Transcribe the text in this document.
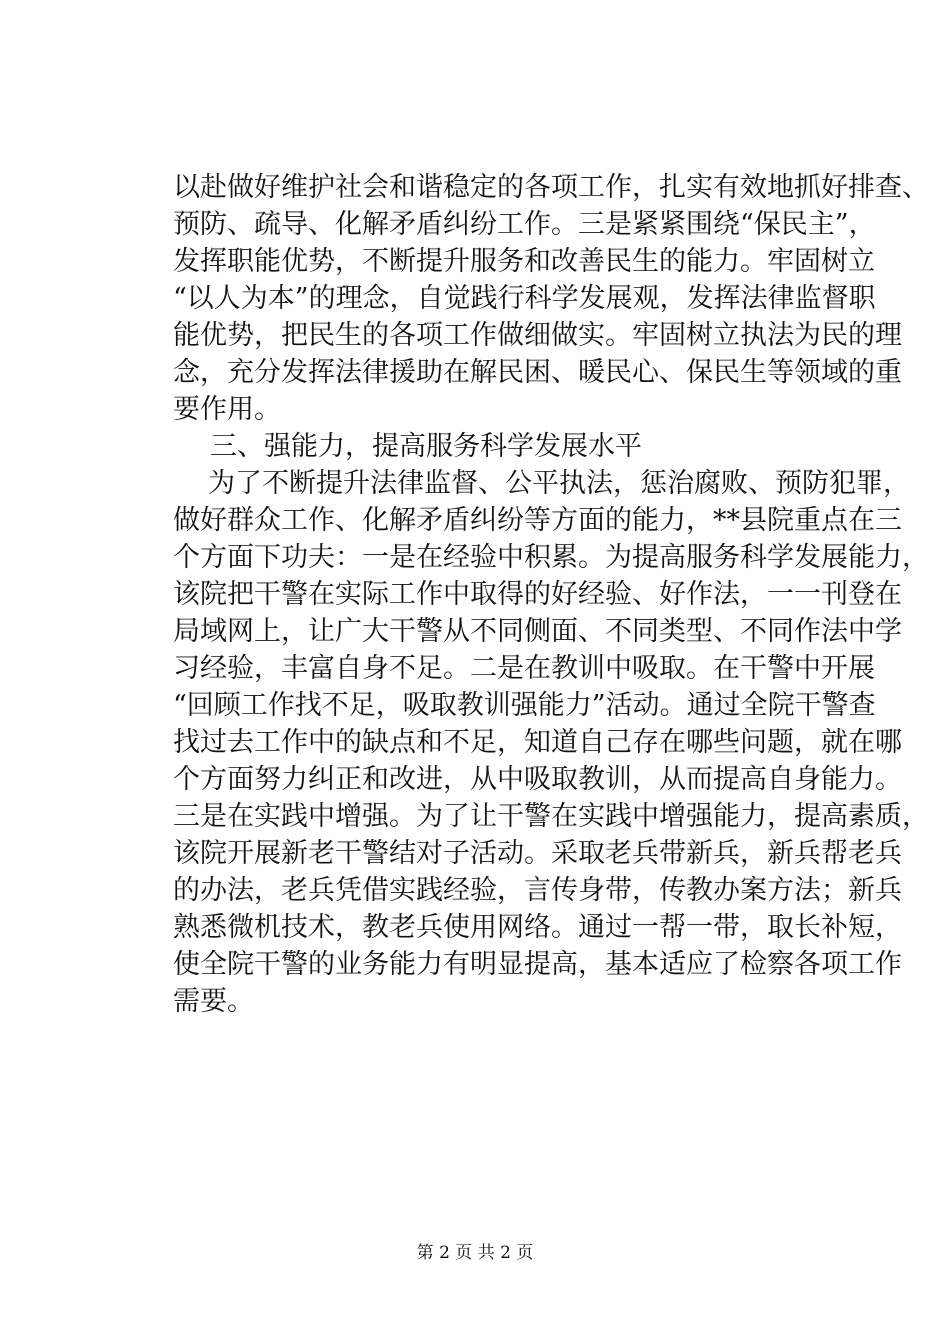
以赴做好维护社会和谐稳定的各项工作，扎实有效地抓好排查、
预防、疏导、化解矛盾纠纷工作。三是紧紧围绕“保民主”，
发挥职能优势，不断提升服务和改善民生的能力。牢固树立
“以人为本”的理念，自觉践行科学发展观，发挥法律监督职
能优势，把民生的各项工作做细做实。牢固树立执法为民的理
念，充分发挥法律援助在解民困、暖民心、保民生等领域的重
要作用。
三、强能力，提高服务科学发展水平
为了不断提升法律监督、公平执法，惩治腐败、预防犯罪，
做好群众工作、化解矛盾纠纷等方面的能力，**县院重点在三
个方面下功夫：一是在经验中积累。为提高服务科学发展能力，
该院把干警在实际工作中取得的好经验、好作法，一一刊登在
局域网上，让广大干警从不同侧面、不同类型、不同作法中学
习经验，丰富自身不足。二是在教训中吸取。在干警中开展
“回顾工作找不足，吸取教训强能力”活动。通过全院干警查
找过去工作中的缺点和不足，知道自己存在哪些问题，就在哪
个方面努力纠正和改进，从中吸取教训，从而提高自身能力。
三是在实践中增强。为了让干警在实践中增强能力，提高素质，
该院开展新老干警结对子活动。采取老兵带新兵，新兵帮老兵
的办法，老兵凭借实践经验，言传身带，传教办案方法；新兵
熟悉微机技术，教老兵使用网络。通过一帮一带，取长补短，
使全院干警的业务能力有明显提高，基本适应了检察各项工作
需要。
第 2 页 共 2 页
